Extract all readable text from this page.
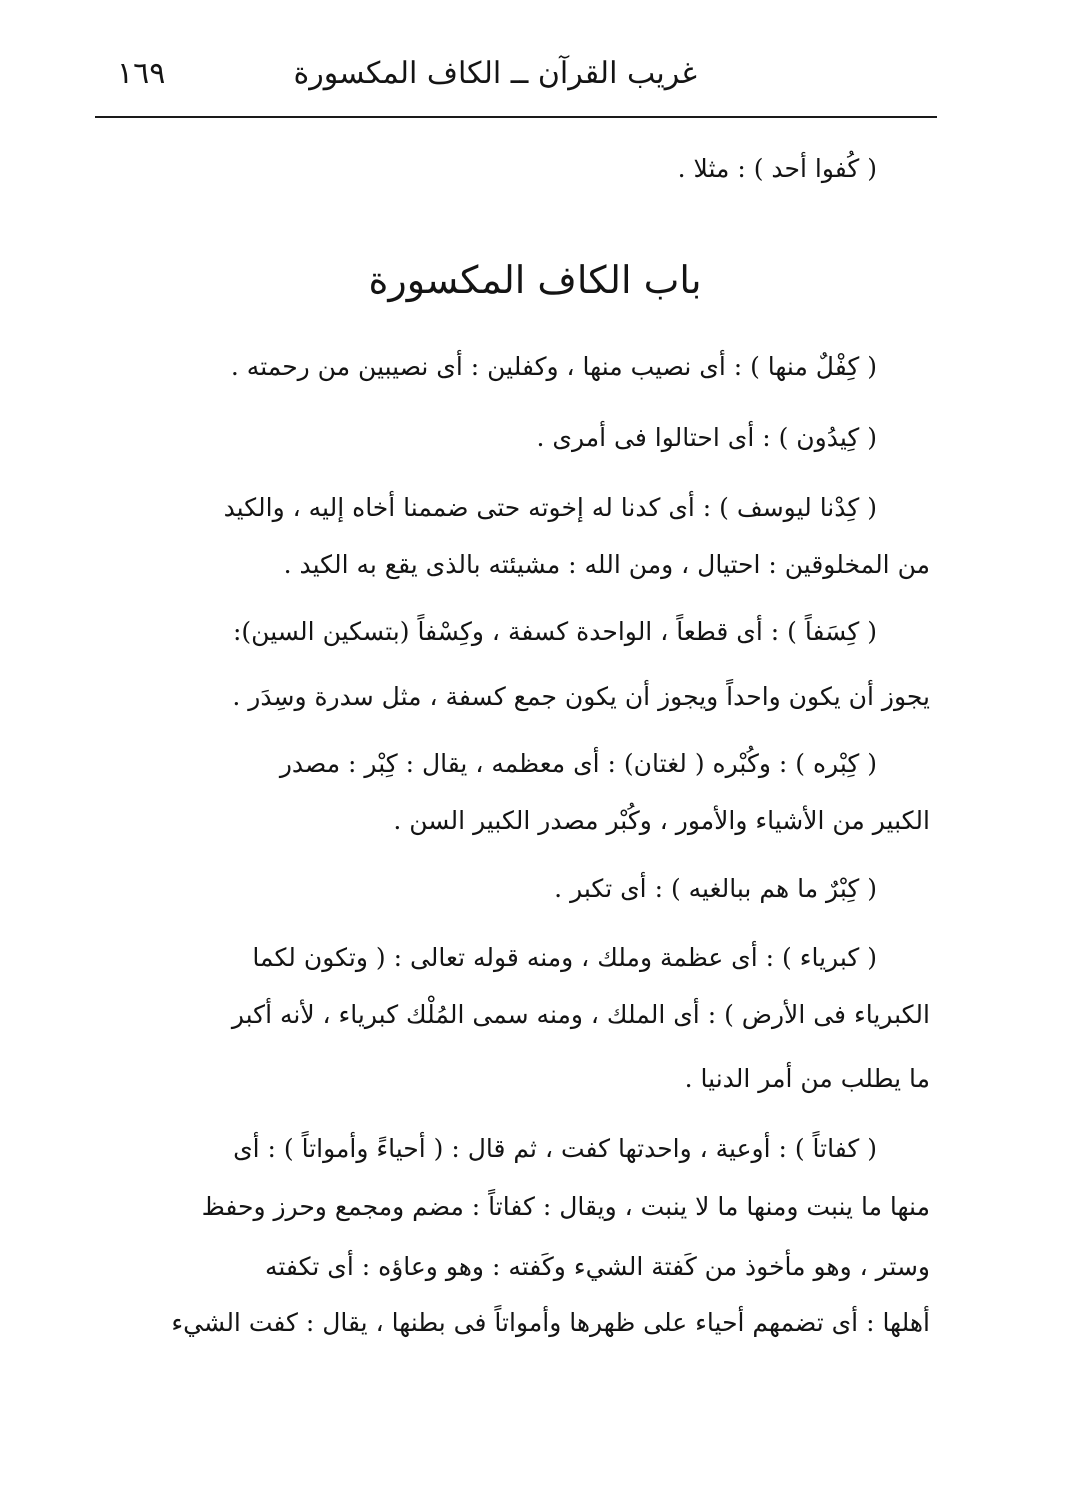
غريب القرآن ــ الكاف المكسورة
١٦٩
( كُفوا أحد ) : مثلا .
باب الكاف المكسورة
( كِفْلٌ منها ) : أى نصيب منها ، وكفلين : أى نصيبين من رحمته .
( كِيدُون ) : أى احتالوا فى أمرى .
( كِدْنا ليوسف ) : أى كدنا له إخوته حتى ضممنا أخاه إليه ، والكيد
من المخلوقين : احتيال ، ومن الله : مشيئته بالذى يقع به الكيد .
( كِسَفاً ) : أى قطعاً ، الواحدة كسفة ، وكِسْفاً (بتسكين السين):
يجوز أن يكون واحداً ويجوز أن يكون جمع كسفة ، مثل سدرة وسِدَر .
( كِبْره ) : وكُبْره ( لغتان) : أى معظمه ، يقال : كِبْر : مصدر
الكبير من الأشياء والأمور ، وكُبْر مصدر الكبير السن .
( كِبْرٌ ما هم ببالغيه ) : أى تكبر .
( كبرياء ) : أى عظمة وملك ، ومنه قوله تعالى : ( وتكون لكما
الكبرياء فى الأرض ) : أى الملك ، ومنه سمى المُلْك كبرياء ، لأنه أكبر
ما يطلب من أمر الدنيا .
( كفاتاً ) : أوعية ، واحدتها كفت ، ثم قال : ( أحياءً وأمواتاً ) : أى
منها ما ينبت ومنها ما لا ينبت ، ويقال : كفاتاً : مضم ومجمع وحرز وحفظ
وستر ، وهو مأخوذ من كَفتة الشيء وكَفته : وهو وعاؤه : أى تكفته
أهلها : أى تضمهم أحياء على ظهرها وأمواتاً فى بطنها ، يقال : كفت الشيء
